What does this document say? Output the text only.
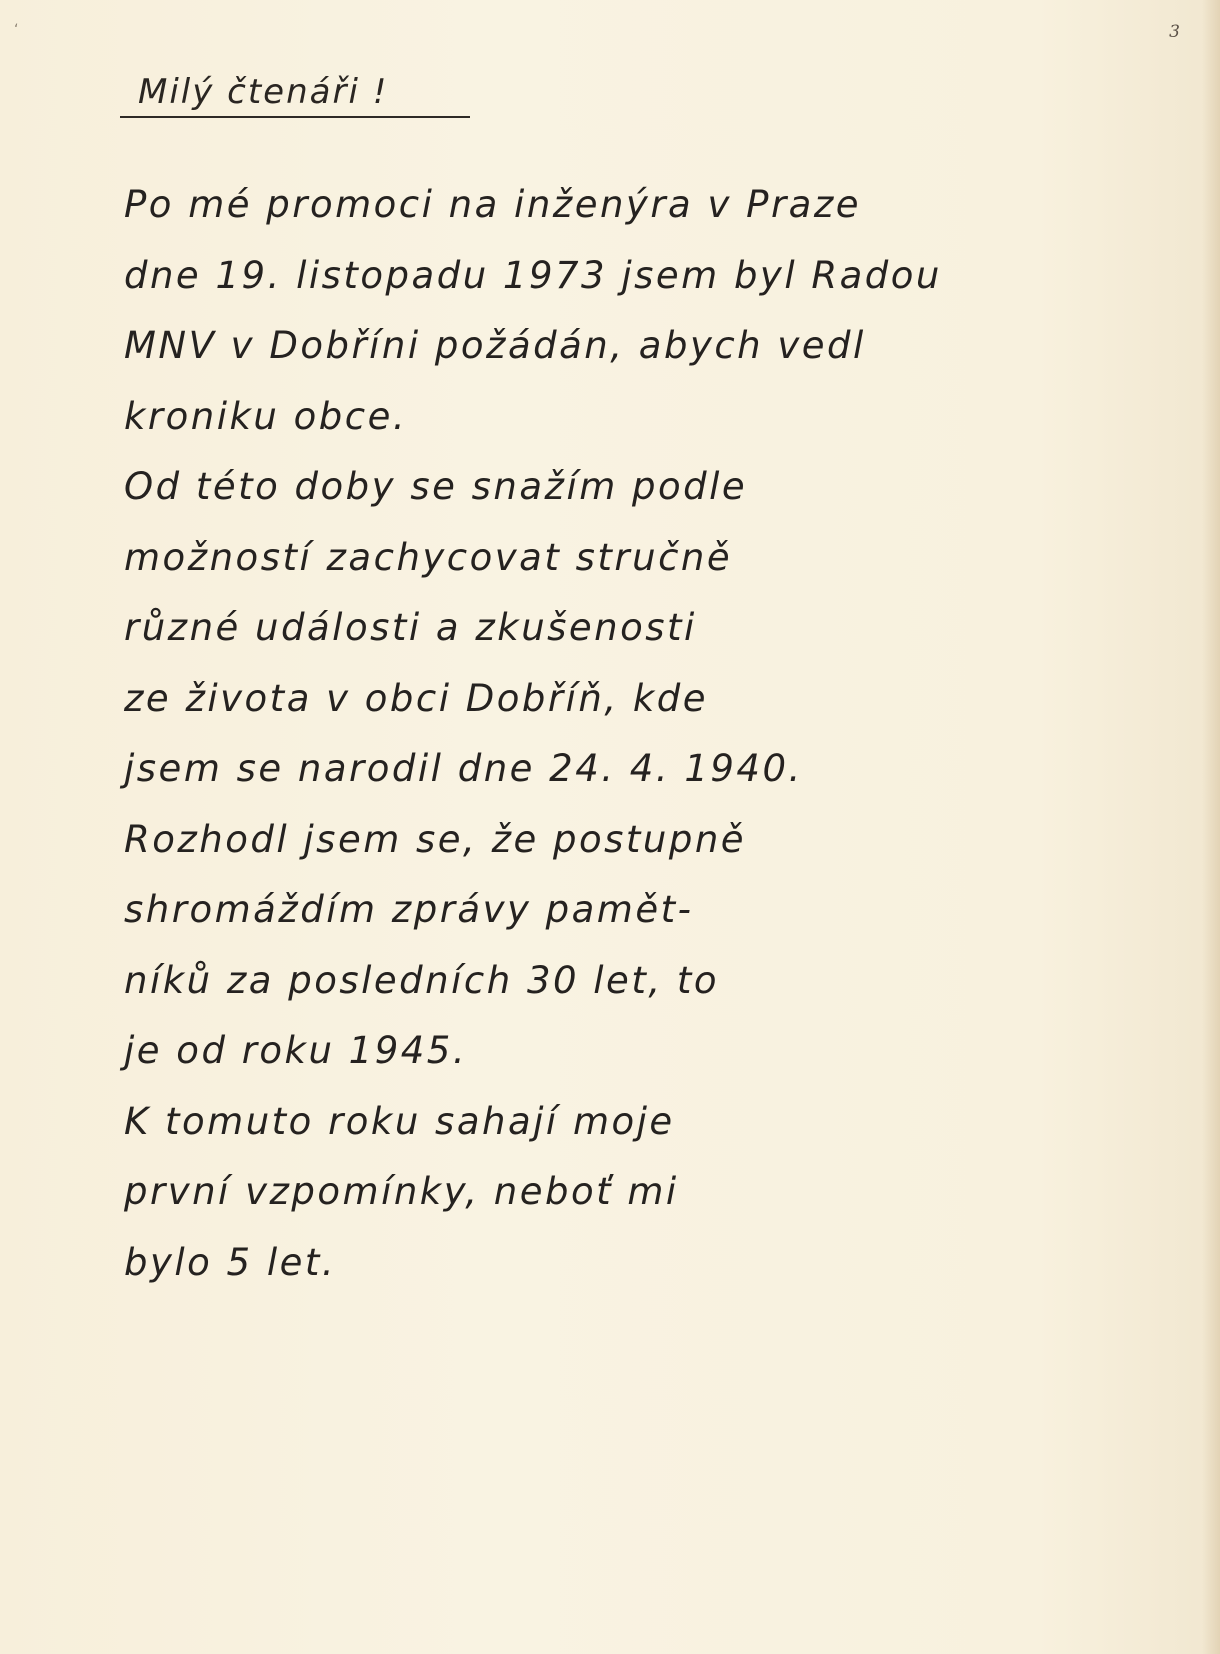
‘	3
Milý čtenáři !
Po mé promoci na inženýra v Praze
dne 19. listopadu 1973 jsem byl Radou
MNV v Dobříni požádán, abych vedl
kroniku obce.
Od této doby se snažím podle
možností zachycovat stručně
různé události a zkušenosti
ze života v obci Dobříň, kde
jsem se narodil dne 24. 4. 1940.
Rozhodl jsem se, že postupně
shromáždím zprávy pamět-
níků za posledních 30 let, to
je od roku 1945.
K tomuto roku sahají moje
první vzpomínky, neboť mi
bylo 5 let.
